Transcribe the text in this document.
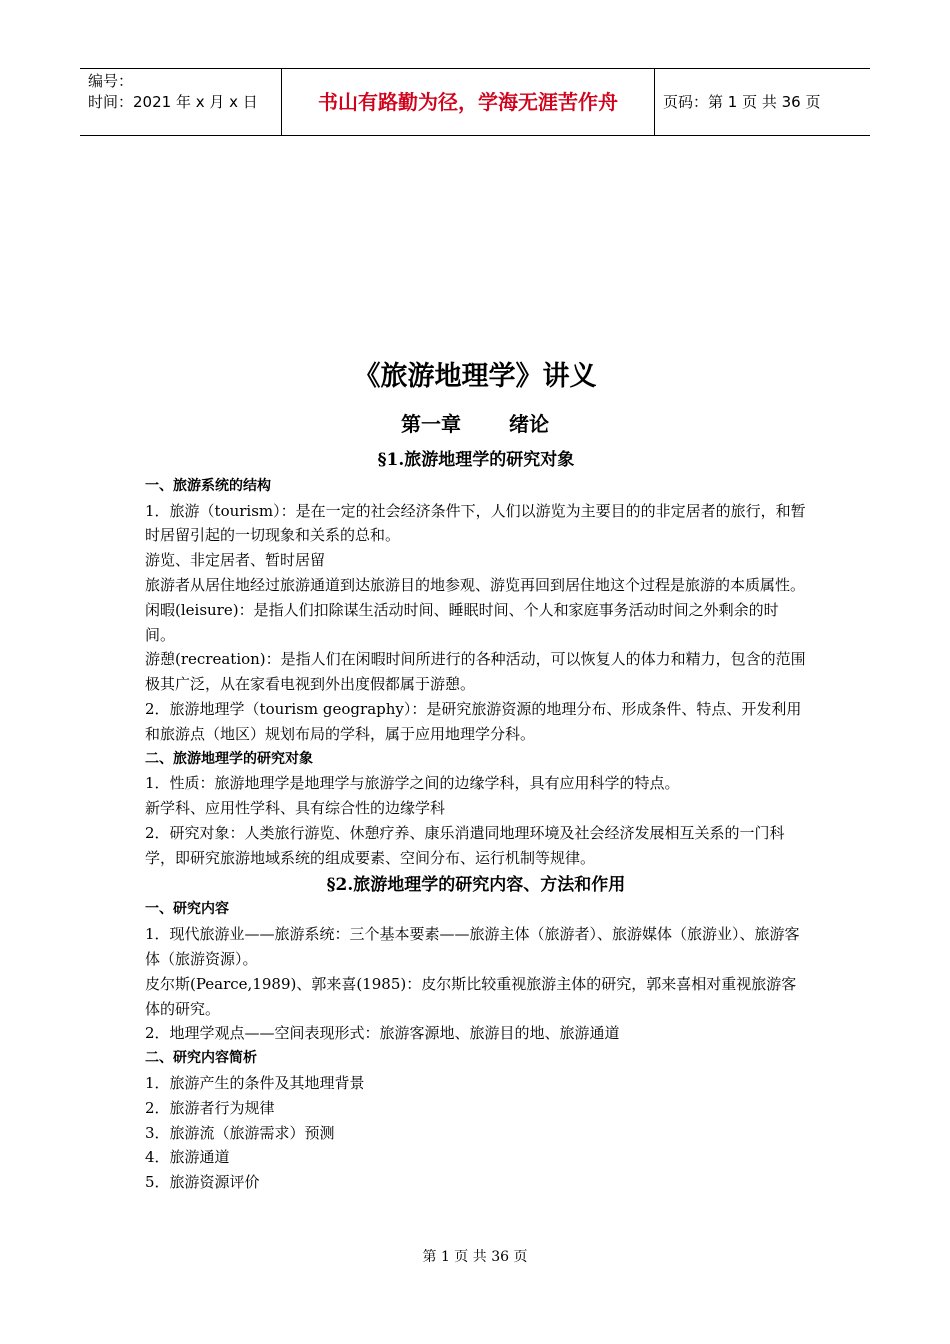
编号：
时间：2021 年 x 月 x 日	书山有路勤为径，学海无涯苦作舟	页码：第 1 页 共 36 页
《旅游地理学》讲义
第一章 绪论

§1.旅游地理学的研究对象

一、旅游系统的结构

1．旅游（tourism）：是在一定的社会经济条件下，人们以游览为主要目的的非定居者的旅行，和暂时居留引起的一切现象和关系的总和。

游览、非定居者、暂时居留

旅游者从居住地经过旅游通道到达旅游目的地参观、游览再回到居住地这个过程是旅游的本质属性。

闲暇(leisure)：是指人们扣除谋生活动时间、睡眠时间、个人和家庭事务活动时间之外剩余的时间。

游憩(recreation)：是指人们在闲暇时间所进行的各种活动，可以恢复人的体力和精力，包含的范围极其广泛，从在家看电视到外出度假都属于游憩。

2．旅游地理学（tourism geography）：是研究旅游资源的地理分布、形成条件、特点、开发利用和旅游点（地区）规划布局的学科，属于应用地理学分科。

二、旅游地理学的研究对象

1．性质：旅游地理学是地理学与旅游学之间的边缘学科，具有应用科学的特点。

新学科、应用性学科、具有综合性的边缘学科

2．研究对象：人类旅行游览、休憩疗养、康乐消遣同地理环境及社会经济发展相互关系的一门科学，即研究旅游地域系统的组成要素、空间分布、运行机制等规律。

§2.旅游地理学的研究内容、方法和作用

一、研究内容

1．现代旅游业——旅游系统：三个基本要素——旅游主体（旅游者）、旅游媒体（旅游业）、旅游客体（旅游资源）。

皮尔斯(Pearce,1989)、郭来喜(1985)：皮尔斯比较重视旅游主体的研究，郭来喜相对重视旅游客体的研究。

2．地理学观点——空间表现形式：旅游客源地、旅游目的地、旅游通道

二、研究内容简析

1．旅游产生的条件及其地理背景

2．旅游者行为规律

3．旅游流（旅游需求）预测

4．旅游通道

5．旅游资源评价

第 1 页 共 36 页
